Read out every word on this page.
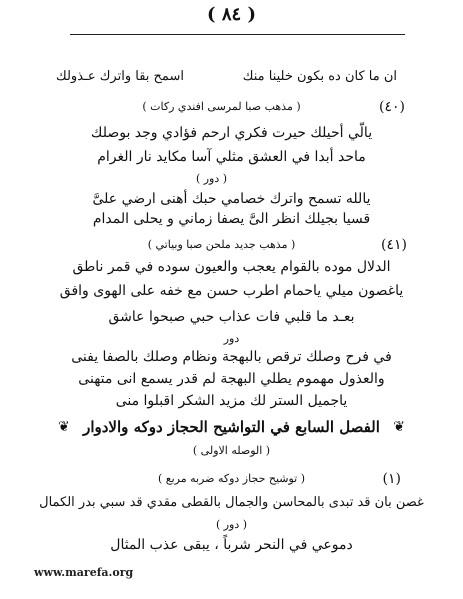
( ٨٤ )
اسمح بقا واترك عـذولك	ان ما كان ده بكون خلينا منك
(٤٠)
( مذهب صبا لمرسى افندي ركات )
يالّي أحيلك حيرت فكري ارحم فؤادي وجد بوصلك
ماحد أبدا في العشق مثلي آسا مكايد نار الغرام
( دور )
يالله تسمح واترك خصامي حبك أهنى ارضي علىَّ
قسيا بجيلك انظر الىَّ يصفا زماني و يحلى المدام
(٤١)
( مذهب جديد ملحن صبا وبياتي )
الدلال موده بالقوام يعجب والعيون سوده في قمر ناطق
ياغصون ميلي ياحمام اطرب حسن مع خفه على الهوى وافق
بعـد ما قلبي فات عذاب حبي صبحوا عاشق
دور
في فرح وصلك ترقص بالبهجة ونظام وصلك بالصفا يفنى
والعذول مهموم يطلي البهجة لم قدر يسمع انى متهنى
ياجميل الستر لك مزيد الشكر اقبلوا منى
❦
الفصل السابع في التواشيح الحجاز دوكه والادوار
❦
( الوصله الاولى )
(١)
( توشيح حجاز دوكه ضربه مربع )
غصن بان قد تبدى بالمحاسن والجمال بالقطى مقدي قد سبي بدر الكمال
( دور )
دموعي في النحر شرباً ، يبقى عذب المثال
www.marefa.org
